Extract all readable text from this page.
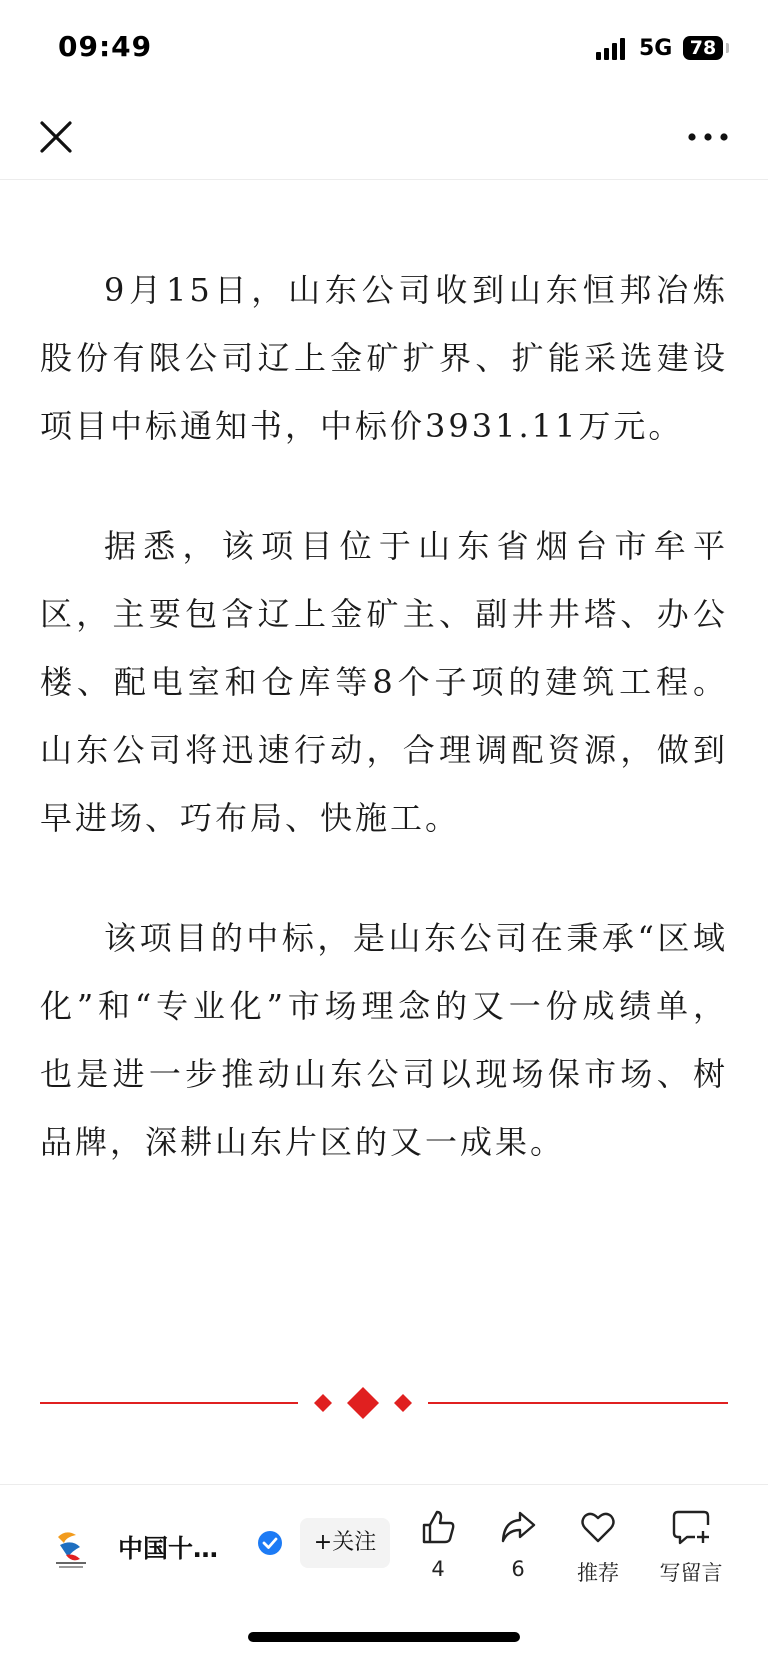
09:49	5G 78

9月15日，山东公司收到山东恒邦冶炼股份有限公司辽上金矿扩界、扩能采选建设项目中标通知书，中标价3931.11万元。

据悉，该项目位于山东省烟台市牟平区，主要包含辽上金矿主、副井井塔、办公楼、配电室和仓库等8个子项的建筑工程。山东公司将迅速行动，合理调配资源，做到早进场、巧布局、快施工。

该项目的中标，是山东公司在秉承“区域化”和“专业化”市场理念的又一份成绩单，也是进一步推动山东公司以现场保市场、树品牌，深耕山东片区的又一成果。

中国十…	+关注
4	6	推荐	写留言
